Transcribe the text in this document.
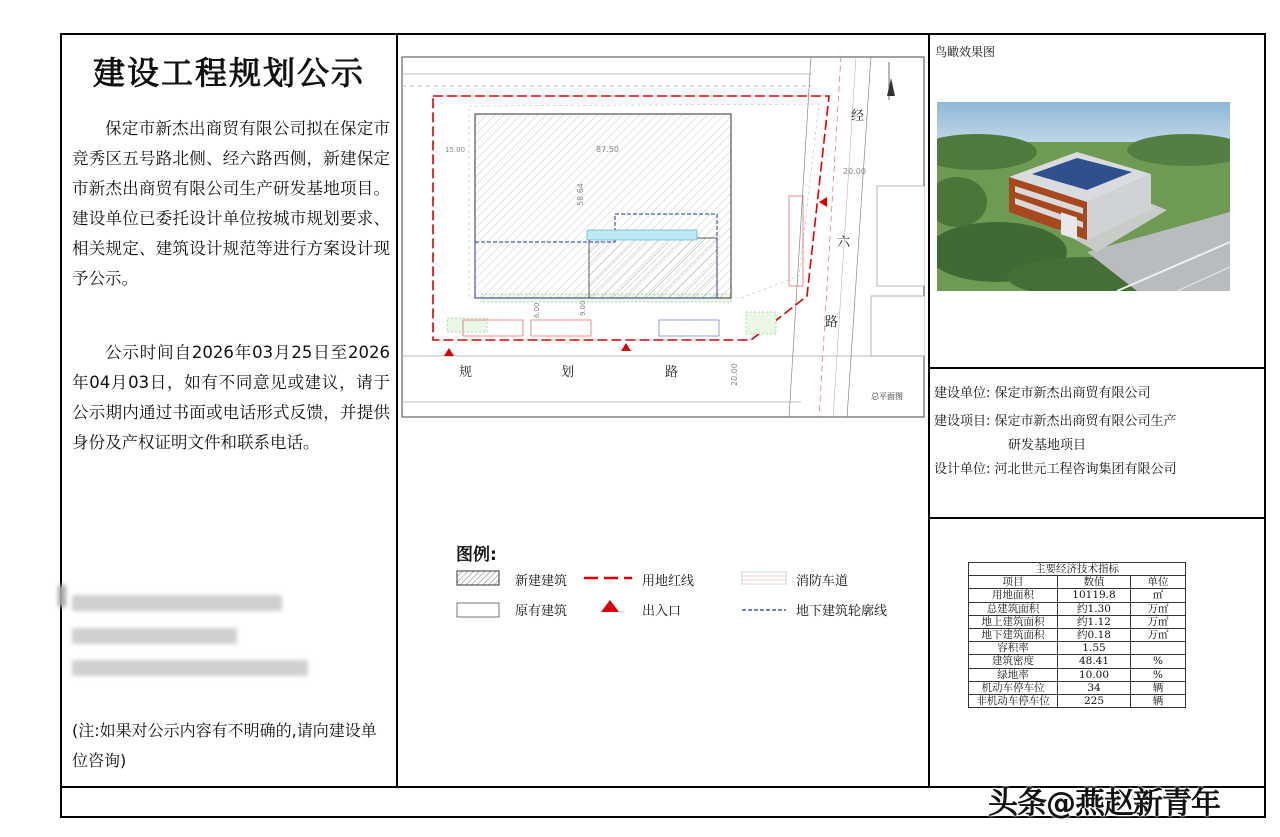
建设工程规划公示
保定市新杰出商贸有限公司拟在保定市竞秀区五号路北侧、经六路西侧，新建保定市新杰出商贸有限公司生产研发基地项目。建设单位已委托设计单位按城市规划要求、相关规定、建筑设计规范等进行方案设计现予公示。
公示时间自2026年03月25日至2026年04月03日，如有不同意见或建议，请于公示期内通过书面或电话形式反馈，并提供身份及产权证明文件和联系电话。
(注:如果对公示内容有不明确的,请向建设单位咨询)
87.50
58.64
20.00
15.00
6.00	9.00
20.00
经
六
路
规	划	路
总平面图
图例:
新建建筑	用地红线	消防车道
原有建筑	出入口	地下建筑轮廓线
鸟瞰效果图
建设单位: 保定市新杰出商贸有限公司
建设项目: 保定市新杰出商贸有限公司生产
研发基地项目
设计单位: 河北世元工程咨询集团有限公司
主要经济技术指标		
项目	数值	单位
用地面积	10119.8	㎡
总建筑面积	约1.30	万㎡
地上建筑面积	约1.12	万㎡
地下建筑面积	约0.18	万㎡
容积率	1.55	
建筑密度	48.41	%
绿地率	10.00	%
机动车停车位	34	辆
非机动车停车位	225	辆
头条@燕赵新青年
